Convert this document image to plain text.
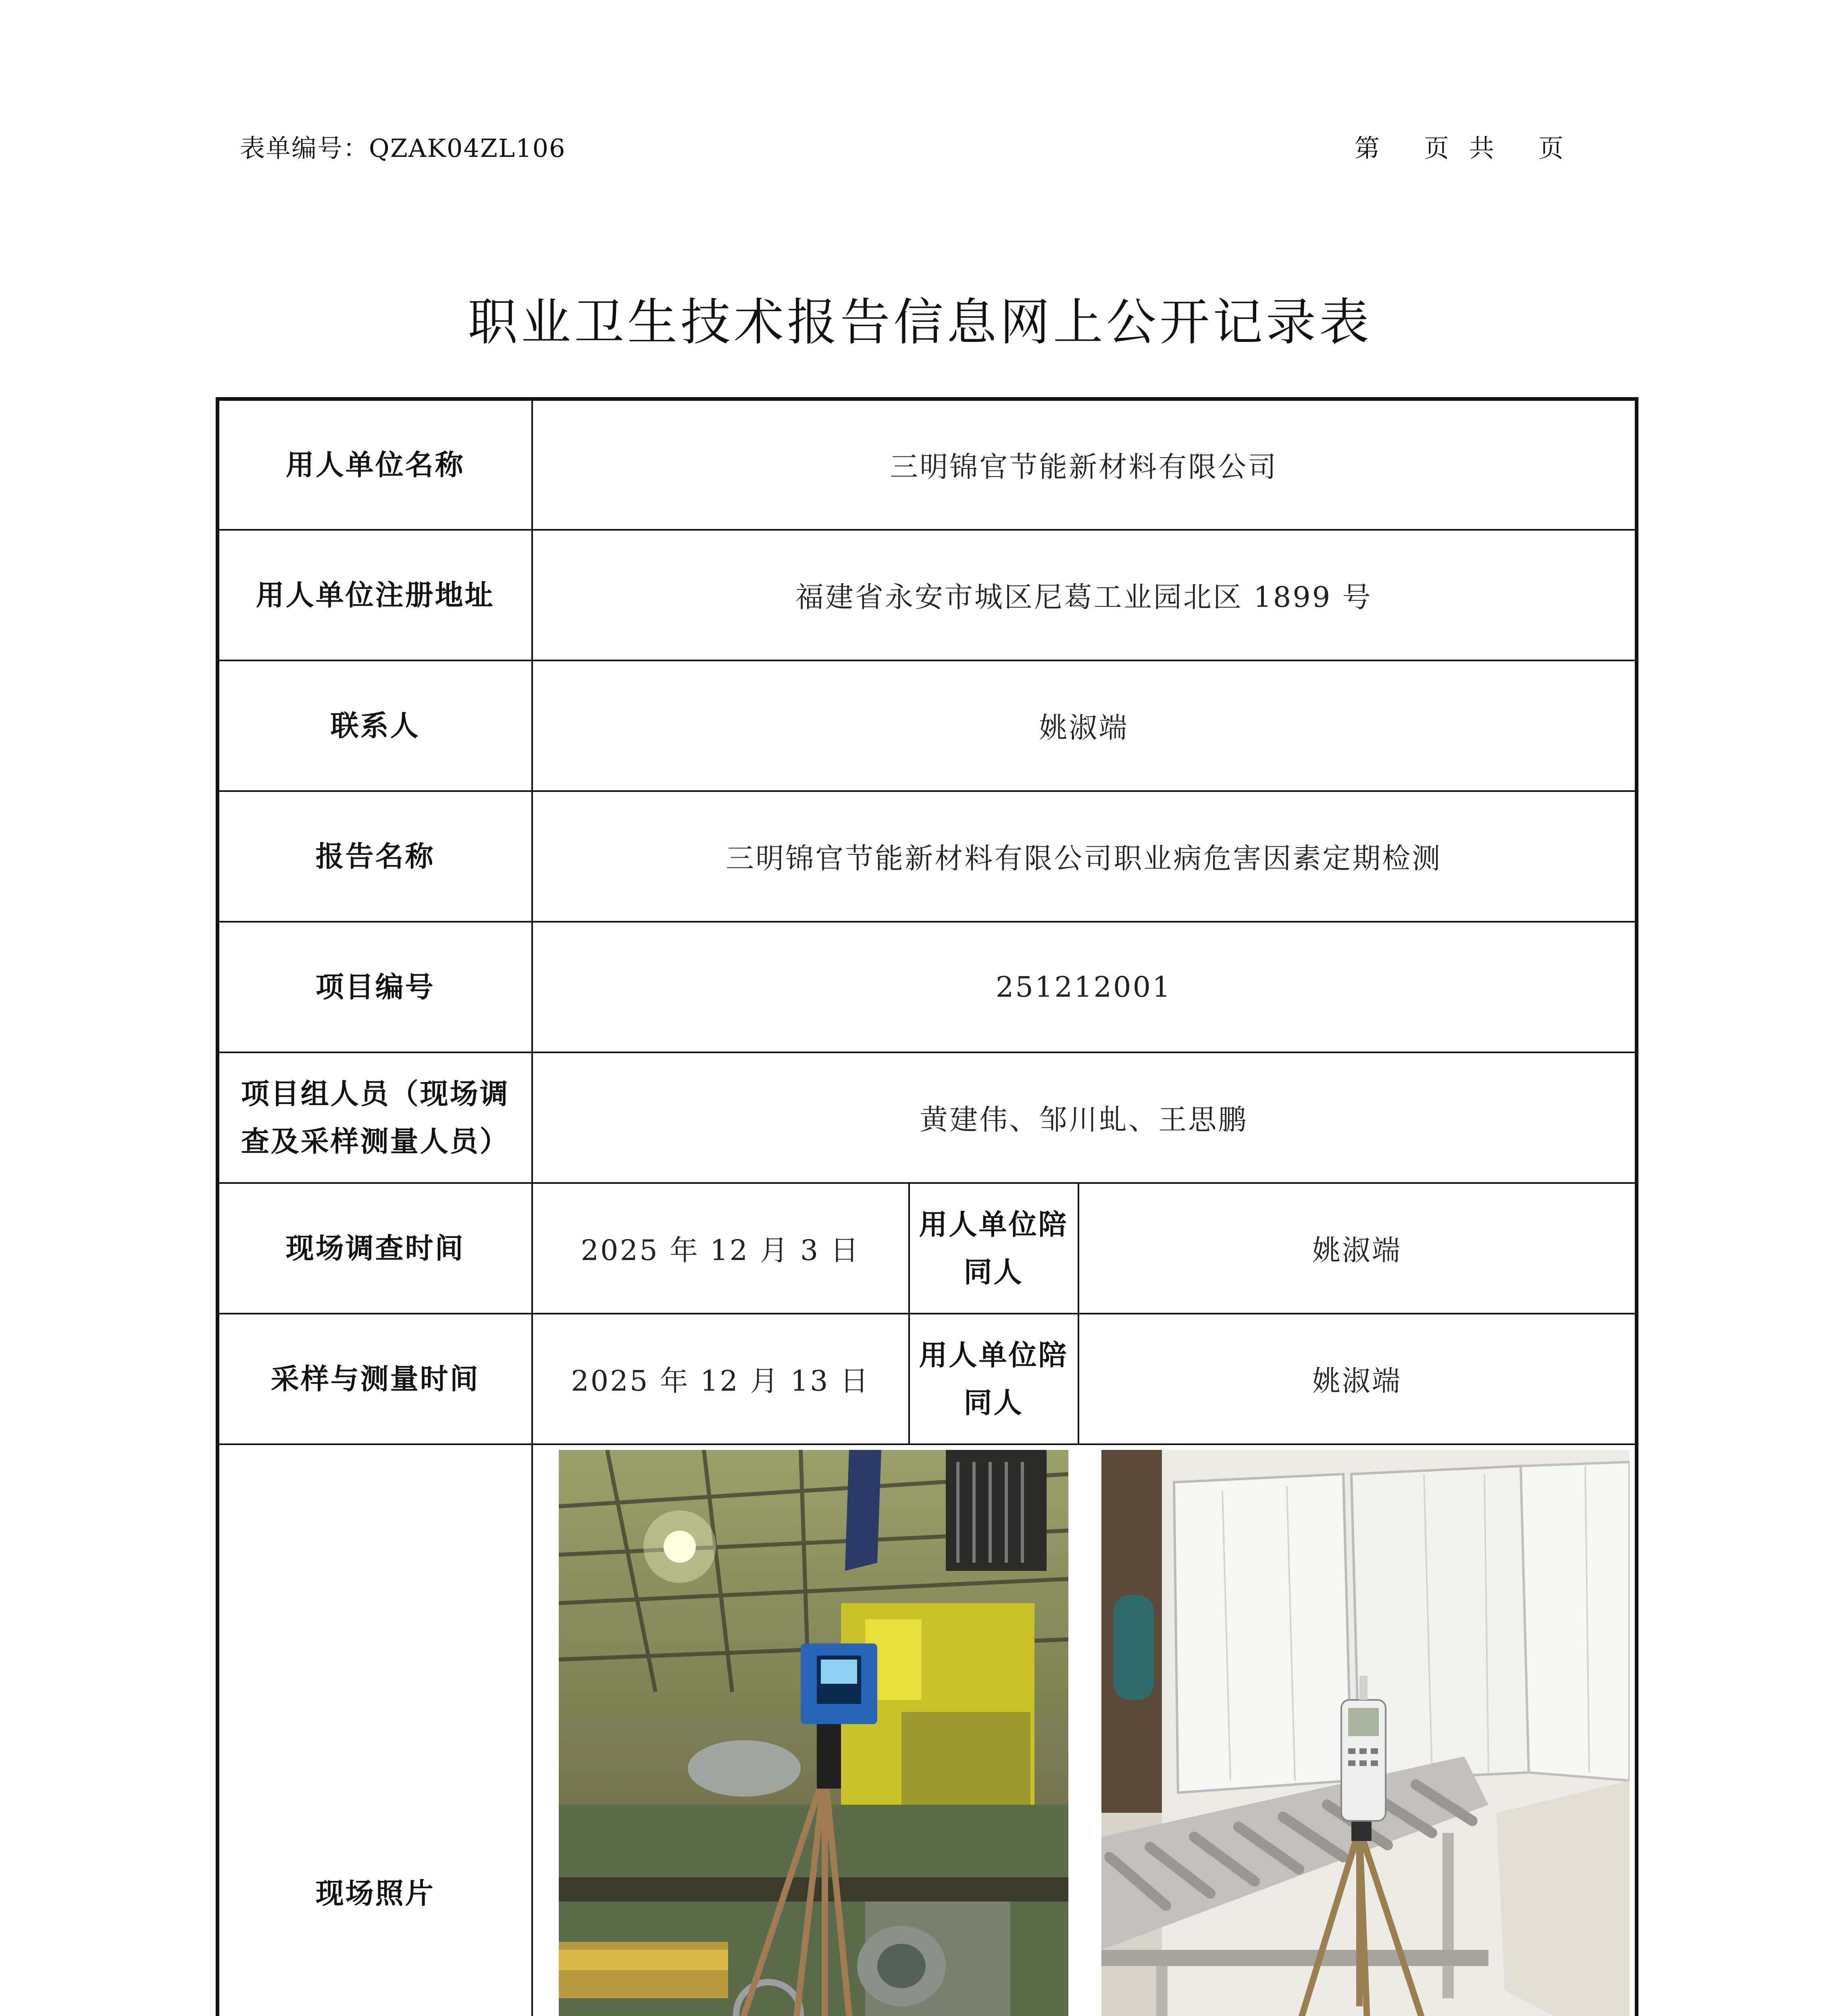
表单编号：QZAK04ZL106	第 页 共 页
职业卫生技术报告信息网上公开记录表
用人单位名称	三明锦官节能新材料有限公司		
用人单位注册地址	福建省永安市城区尼葛工业园北区 1899 号		
联系人	姚淑端		
报告名称	三明锦官节能新材料有限公司职业病危害因素定期检测		
项目编号	251212001		
项目组人员（现场调查及采样测量人员）	黄建伟、邹川虬、王思鹏		
现场调查时间	2025 年 12 月 3 日	用人单位陪同人	姚淑端
采样与测量时间	2025 年 12 月 13 日	用人单位陪同人	姚淑端
现场照片	
